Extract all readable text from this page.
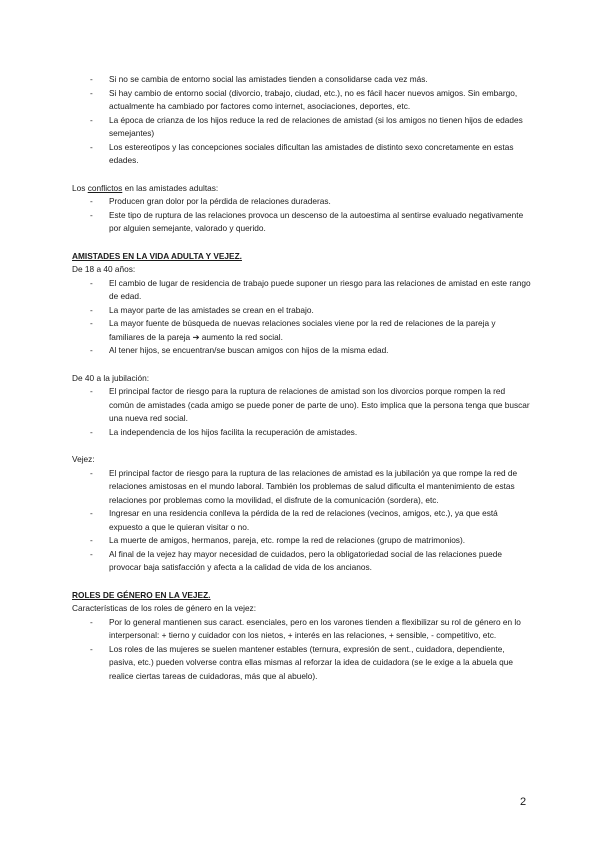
- Si no se cambia de entorno social las amistades tienden a consolidarse cada vez más.
- Si hay cambio de entorno social (divorcio, trabajo, ciudad, etc.), no es fácil hacer nuevos amigos. Sin embargo, actualmente ha cambiado por factores como internet, asociaciones, deportes, etc.
- La época de crianza de los hijos reduce la red de relaciones de amistad (si los amigos no tienen hijos de edades semejantes)
- Los estereotipos y las concepciones sociales dificultan las amistades de distinto sexo concretamente en estas edades.

Los conflictos en las amistades adultas:

- Producen gran dolor por la pérdida de relaciones duraderas.
- Este tipo de ruptura de las relaciones provoca un descenso de la autoestima al sentirse evaluado negativamente por alguien semejante, valorado y querido.

AMISTADES EN LA VIDA ADULTA Y VEJEZ.

De 18 a 40 años:

- El cambio de lugar de residencia de trabajo puede suponer un riesgo para las relaciones de amistad en este rango de edad.
- La mayor parte de las amistades se crean en el trabajo.
- La mayor fuente de búsqueda de nuevas relaciones sociales viene por la red de relaciones de la pareja y familiares de la pareja ➔ aumento la red social.
- Al tener hijos, se encuentran/se buscan amigos con hijos de la misma edad.

De 40 a la jubilación:

- El principal factor de riesgo para la ruptura de relaciones de amistad son los divorcios porque rompen la red común de amistades (cada amigo se puede poner de parte de uno). Esto implica que la persona tenga que buscar una nueva red social.
- La independencia de los hijos facilita la recuperación de amistades.

Vejez:

- El principal factor de riesgo para la ruptura de las relaciones de amistad es la jubilación ya que rompe la red de relaciones amistosas en el mundo laboral. También los problemas de salud dificulta el mantenimiento de estas relaciones por problemas como la movilidad, el disfrute de la comunicación (sordera), etc.
- Ingresar en una residencia conlleva la pérdida de la red de relaciones (vecinos, amigos, etc.), ya que está expuesto a que le quieran visitar o no.
- La muerte de amigos, hermanos, pareja, etc. rompe la red de relaciones (grupo de matrimonios).
- Al final de la vejez hay mayor necesidad de cuidados, pero la obligatoriedad social de las relaciones puede provocar baja satisfacción y afecta a la calidad de vida de los ancianos.

ROLES DE GÉNERO EN LA VEJEZ.

Características de los roles de género en la vejez:

- Por lo general mantienen sus caract. esenciales, pero en los varones tienden a flexibilizar su rol de género en lo interpersonal: + tierno y cuidador con los nietos, + interés en las relaciones, + sensible, - competitivo, etc.
- Los roles de las mujeres se suelen mantener estables (ternura, expresión de sent., cuidadora, dependiente, pasiva, etc.) pueden volverse contra ellas mismas al reforzar la idea de cuidadora (se le exige a la abuela que realice ciertas tareas de cuidadoras, más que al abuelo).
2
